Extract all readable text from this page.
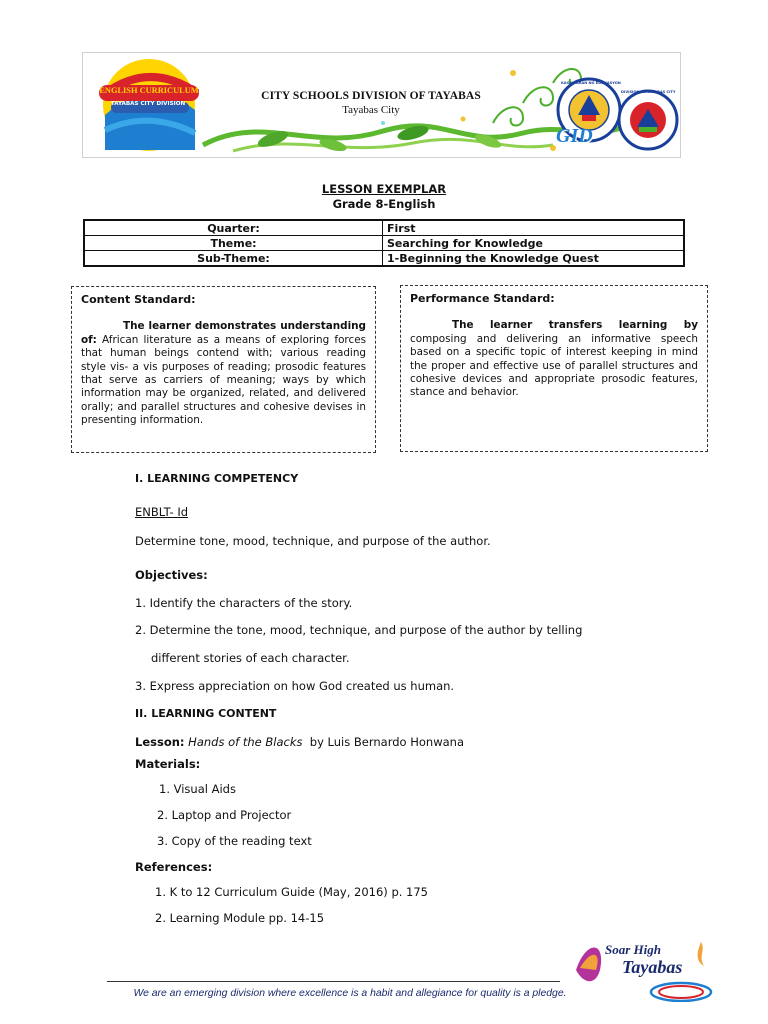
ENGLISH CURRICULUM
TAYABAS CITY DIVISION
CITY SCHOOLS DIVISION OF TAYABAS
Tayabas City
KAGAWARAN NG EDUKASYON
DIVISION OF TAYABAS CITY
GID
LESSON EXEMPLAR
Grade 8-English
Quarter:	First
Theme:	Searching for Knowledge
Sub-Theme:	1-Beginning the Knowledge Quest
Content Standard:

The learner demonstrates understanding of: African literature as a means of exploring forces that human beings contend with; various reading style vis- a vis purposes of reading; prosodic features that serve as carriers of meaning; ways by which information may be organized, related, and delivered orally; and parallel structures and cohesive devises in presenting information.

Performance Standard:

The learner transfers learning by composing and delivering an informative speech based on a specific topic of interest keeping in mind the proper and effective use of parallel structures and cohesive devices and appropriate prosodic features, stance and behavior.

I. LEARNING COMPETENCY
ENBLT- Id
Determine tone, mood, technique, and purpose of the author.
Objectives:
1. Identify the characters of the story.
2. Determine the tone, mood, technique, and purpose of the author by telling
different stories of each character.
3. Express appreciation on how God created us human.
II. LEARNING CONTENT
Lesson: Hands of the Blacks  by Luis Bernardo Honwana
Materials:
1. Visual Aids
2. Laptop and Projector
3. Copy of the reading text
References:
1. K to 12 Curriculum Guide (May, 2016) p. 175
2. Learning Module pp. 14-15
We are an emerging division where excellence is a habit and allegiance for quality is a pledge.
Soar High
Tayabas
